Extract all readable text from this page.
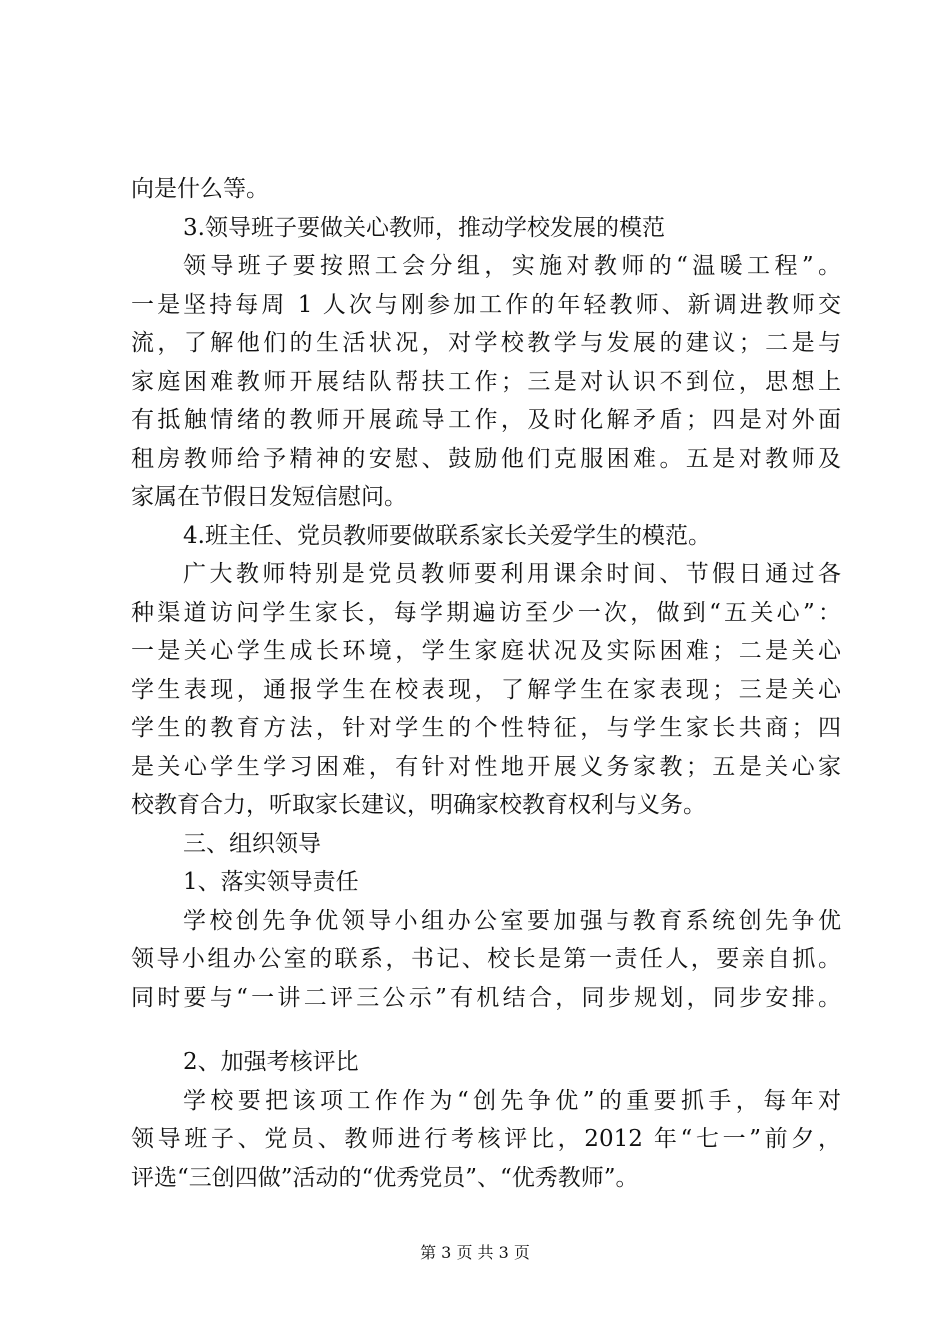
向是什么等。
3.领导班子要做关心教师，推动学校发展的模范
领导班子要按照工会分组，实施对教师的“温暖工程”。
一是坚持每周 1 人次与刚参加工作的年轻教师、新调进教师交
流，了解他们的生活状况，对学校教学与发展的建议；二是与
家庭困难教师开展结队帮扶工作；三是对认识不到位，思想上
有抵触情绪的教师开展疏导工作，及时化解矛盾；四是对外面
租房教师给予精神的安慰、鼓励他们克服困难。五是对教师及
家属在节假日发短信慰问。
4.班主任、党员教师要做联系家长关爱学生的模范。
广大教师特别是党员教师要利用课余时间、节假日通过各
种渠道访问学生家长，每学期遍访至少一次，做到“五关心”：
一是关心学生成长环境，学生家庭状况及实际困难；二是关心
学生表现，通报学生在校表现，了解学生在家表现；三是关心
学生的教育方法，针对学生的个性特征，与学生家长共商；四
是关心学生学习困难，有针对性地开展义务家教；五是关心家
校教育合力，听取家长建议，明确家校教育权利与义务。
三、组织领导
1、落实领导责任
学校创先争优领导小组办公室要加强与教育系统创先争优
领导小组办公室的联系，书记、校长是第一责任人，要亲自抓。
同时要与“一讲二评三公示”有机结合，同步规划，同步安排。
2、加强考核评比
学校要把该项工作作为“创先争优”的重要抓手，每年对
领导班子、党员、教师进行考核评比，2012 年“七一”前夕，
评选“三创四做”活动的“优秀党员”、“优秀教师”。
第 3 页 共 3 页
